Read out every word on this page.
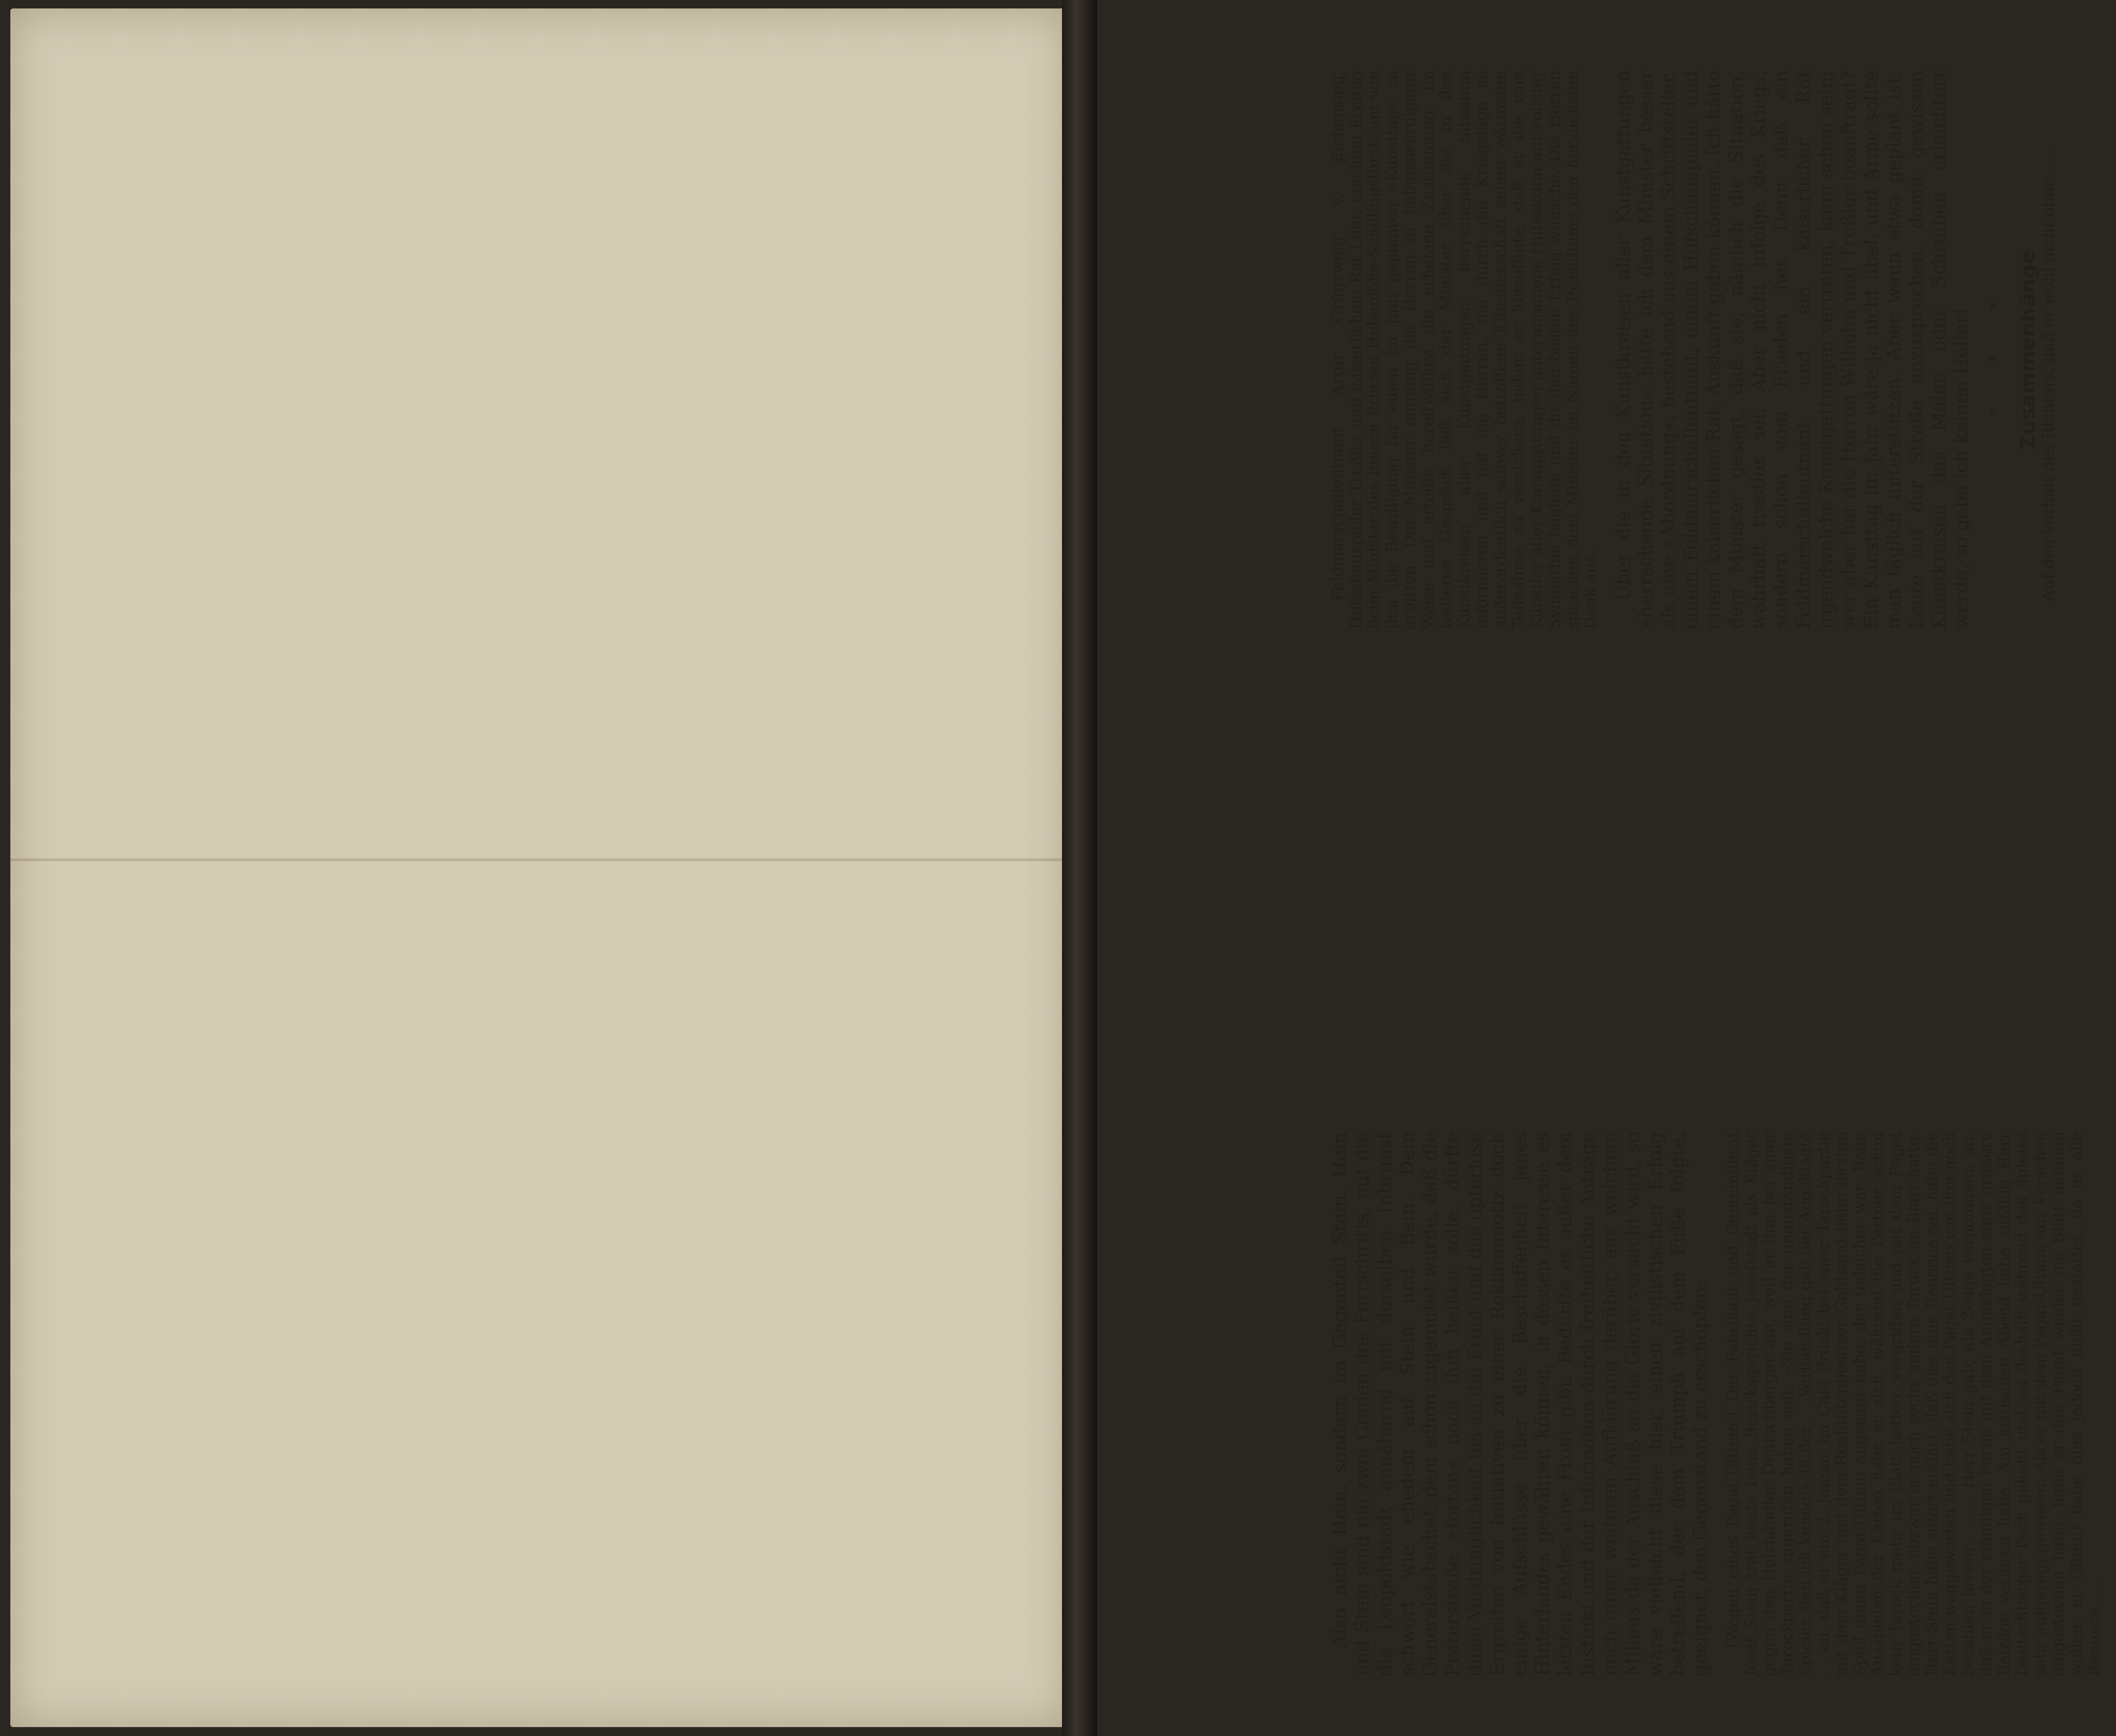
— 28 — Also nicht Hein, sondern im Gegenteil Stein. Hein und Stein sind die zwei Genien des Fortschritts, auf die die Leopoldstadt annähernd mit derselben Inbrunst schwört wie ehedem auf Stein und Bein. Dem Generalstabschef, dem schon zugemutet wurde, daß die Praterstraße »fortan« nach ihm heißen solle, dürfte diese Vordringlichkeit bis an die Front und das opferlose Ergreifen von Initiativen zu einer Reklamenotiz doch einige Aufschlüsse über die Beschaffenheit jenes Hinterlandes gewähren können, in dessen Interesse es letzten Endes eine Front gibt. Bedürfte es außer dem Instinkt und der Information durch freiheitliche Anträge noch einer weiteren Aufklärung darüber, aus welchem Milieus da der Anschluß an die Glorie versucht wird, so wäre vielleicht diese hier, einen zivilistischen Erfolg betreffend, der dem Triumph auf dem Fuße folgte, geeignet, den Gegenstand zu erschöpfen: (Wegen eines Pagat-Ultimo.) Der Fabrikant und Gemeinderat Josef Stein trat heute beim Bezirksgerichte Josefstadt als Kläger gegen den Holzhändler Deutschberger auf, weil er ihm bei einer Tarockpartie zugerufen haben soll: »Sie sind der unanständigste Spieler, den ich kenne!« In der . . Verhandlung gab der Angeklagte . . an, daß er am 2. Januar im Café Prückl bei einer Tarockpartie mit dem Kläger und dem Realitätenbesitzer Goldsand beim letzten Spiel einen Pagat-Ultimo angesagt habe, der todsicher war. Beim Ausspielen der Karten habe er sich, während die Partner schon kein Tarock mehr im Blatt hatten, vergriffen und mit dem Pagat eingestochen, obzwar er noch sechs andere Tarock im Blatt hatte. Herr Stein habe sofort erklärt, daß dies eine Renonce sei, habe die Karten weggeworfen und habe sich den Pagat-Ultimo von ihm noch bezahlen lassen . . . . Herr Stein gab, als Zeuge vernommen, an, daß er in der ständigen Partie mit dem Angeklagten stets größere Beträge verloren habe. Am kritischen Abend habe zufällig Herr Deutschberger Pech gehabt und sei deshalb während des Spieles sehr aufgeregt gewesen. Als er mit dem Pagat-Ultimo aus Versehen eingestochen habe, habe er den Pagat wieder ins Blatt nehmen wollen; er (Stein) habe dies jedoch nicht gestattet, da er alle Renonce . . .

— 21 — Feldmarschalleutnant Artur Grünzweig v. Eichensieg, Hofschauspieler Treßler und kaiserlichem Rat Lehr, erschien Freitag beim Minister des Innern Prinzen Hohenlohe-Schillingsfürst, um von ihm die Bewilligung für einen im Juni geplanten »Kunsttag« zu erbitten. Der Minister empfing die Herren in liebenswürdigster Weise und erteilte bereitwilligst die erbetene Zustimmung. Im weiteren Gespräch ließ sich der Minister über die in den Kunstkreisen aller Kunstgattungen herrschende Situation informieren und bat die Herren, die durch die Kriegslage so außerordentlich schwer betroffene Künstlerschaft seiner wärmsten Teilnahme zu versichern, indem er hinzufügte, daß er die vom Künstler aller Kunstgattungen unternommene Hilfsaktion mit vollster Sympathie begleite und ihr den besten Erfolg wünsche. Die Herren sprachen dem Minister im Namen des Präsidiums den herzlichsten Dank aus. Über die in den Kunstkreisen aller Kunstgattungen »herrschende Situation« hätte ich dem Minister besser als eine »Abordnung«, bestehend aus einem Schriftsteller, einem Feldmarschalleutnant, einem Hofschauspieler und einem kaiserlichen Rat, Auskunft geben können. Ich hätte dem Minister gesagt, daß sie, nämlich die Situation, wahrhaft trostlos sei. Aber nicht infolge des Kriegs, sondern schon vom Frieden her. Denn daß ein Feldmarschalleutnant und ein kaiserlicher Rat irgendwelche Kunstgattungen vertreten, kann schon sein; wer aber hat die Herren Wilhelm und Treßler beauftragt? Ein Kunsttag im Jahr wäre ja nicht übel, und Arme sollte man täglich unterstützen. Aber wenn etwa geplant ist, Leute auf der Straße anzusprechen, damit gewissen Kunstkreisen das Malen oder Schreiben erleichtert werde, so gebe ich keinen Heller! * * * Zusammenhänge

Auf den Vorhalt des Richters, daß er wohl nicht ohne . . .
